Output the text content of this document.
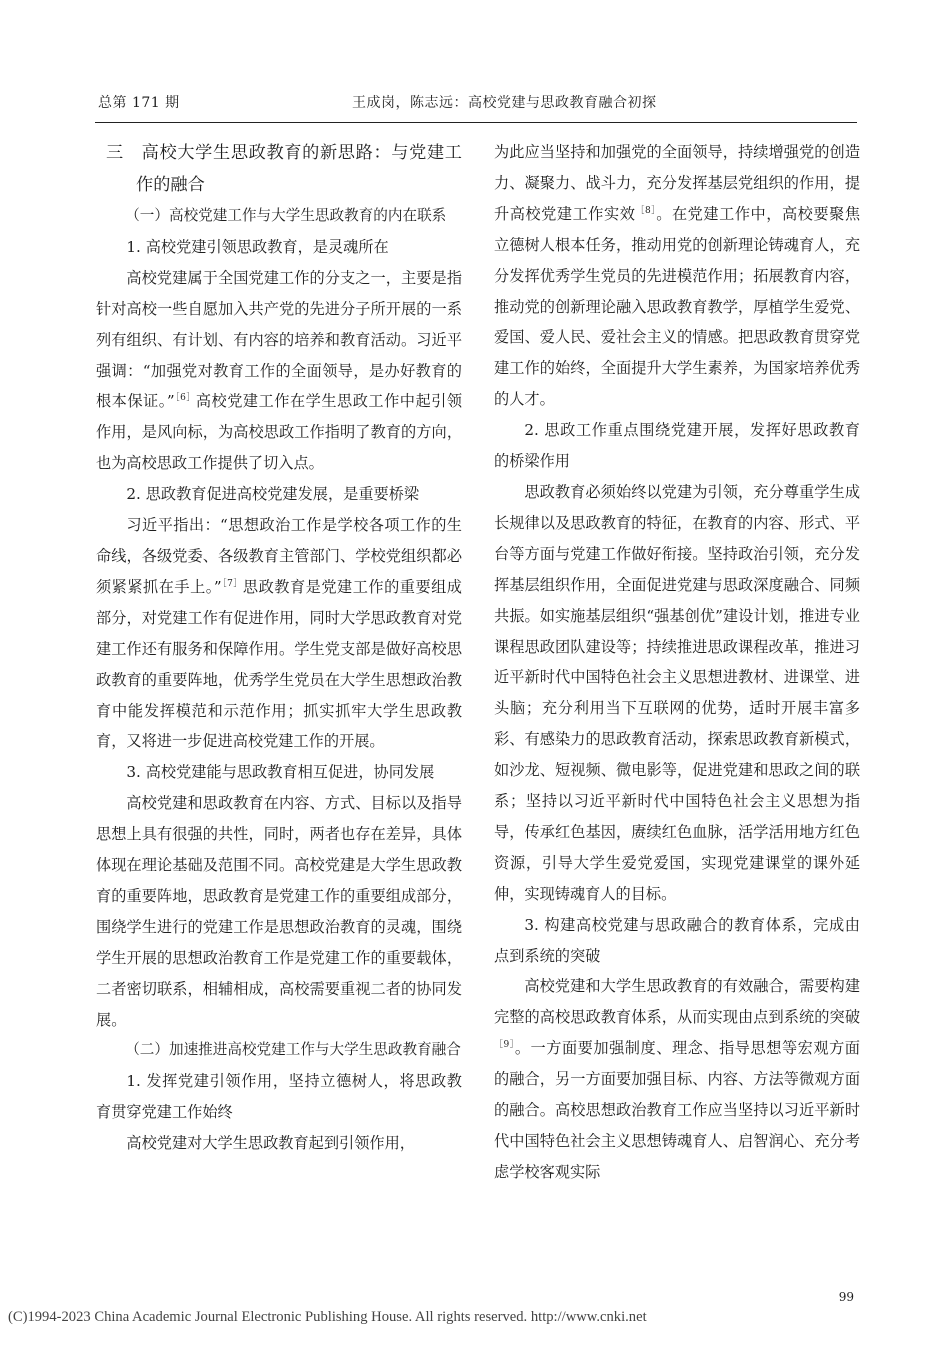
总第 171 期	王成岗，陈志远：高校党建与思政教育融合初探

三　高校大学生思政教育的新思路：与党建工作的融合

（一）高校党建工作与大学生思政教育的内在联系

1. 高校党建引领思政教育，是灵魂所在

高校党建属于全国党建工作的分支之一，主要是指针对高校一些自愿加入共产党的先进分子所开展的一系列有组织、有计划、有内容的培养和教育活动。习近平强调：“加强党对教育工作的全面领导，是办好教育的根本保证。”$^{[6]}$高校党建工作在学生思政工作中起引领作用，是风向标，为高校思政工作指明了教育的方向，也为高校思政工作提供了切入点。

2. 思政教育促进高校党建发展，是重要桥梁

习近平指出：“思想政治工作是学校各项工作的生命线，各级党委、各级教育主管部门、学校党组织都必须紧紧抓在手上。”$^{[7]}$思政教育是党建工作的重要组成部分，对党建工作有促进作用，同时大学思政教育对党建工作还有服务和保障作用。学生党支部是做好高校思政教育的重要阵地，优秀学生党员在大学生思想政治教育中能发挥模范和示范作用；抓实抓牢大学生思政教育，又将进一步促进高校党建工作的开展。

3. 高校党建能与思政教育相互促进，协同发展

高校党建和思政教育在内容、方式、目标以及指导思想上具有很强的共性，同时，两者也存在差异，具体体现在理论基础及范围不同。高校党建是大学生思政教育的重要阵地，思政教育是党建工作的重要组成部分，围绕学生进行的党建工作是思想政治教育的灵魂，围绕学生开展的思想政治教育工作是党建工作的重要载体，二者密切联系，相辅相成，高校需要重视二者的协同发展。

（二）加速推进高校党建工作与大学生思政教育融合

1. 发挥党建引领作用，坚持立德树人，将思政教育贯穿党建工作始终

高校党建对大学生思政教育起到引领作用，

为此应当坚持和加强党的全面领导，持续增强党的创造力、凝聚力、战斗力，充分发挥基层党组织的作用，提升高校党建工作实效$^{[8]}$。在党建工作中，高校要聚焦立德树人根本任务，推动用党的创新理论铸魂育人，充分发挥优秀学生党员的先进模范作用；拓展教育内容，推动党的创新理论融入思政教育教学，厚植学生爱党、爱国、爱人民、爱社会主义的情感。把思政教育贯穿党建工作的始终，全面提升大学生素养，为国家培养优秀的人才。

2. 思政工作重点围绕党建开展，发挥好思政教育的桥梁作用

思政教育必须始终以党建为引领，充分尊重学生成长规律以及思政教育的特征，在教育的内容、形式、平台等方面与党建工作做好衔接。坚持政治引领，充分发挥基层组织作用，全面促进党建与思政深度融合、同频共振。如实施基层组织“强基创优”建设计划，推进专业课程思政团队建设等；持续推进思政课程改革，推进习近平新时代中国特色社会主义思想进教材、进课堂、进头脑；充分利用当下互联网的优势，适时开展丰富多彩、有感染力的思政教育活动，探索思政教育新模式，如沙龙、短视频、微电影等，促进党建和思政之间的联系；坚持以习近平新时代中国特色社会主义思想为指导，传承红色基因，赓续红色血脉，活学活用地方红色资源，引导大学生爱党爱国，实现党建课堂的课外延伸，实现铸魂育人的目标。

3. 构建高校党建与思政融合的教育体系，完成由点到系统的突破

高校党建和大学生思政教育的有效融合，需要构建完整的高校思政教育体系，从而实现由点到系统的突破$^{[9]}$。一方面要加强制度、理念、指导思想等宏观方面的融合，另一方面要加强目标、内容、方法等微观方面的融合。高校思想政治教育工作应当坚持以习近平新时代中国特色社会主义思想铸魂育人、启智润心、充分考虑学校客观实际

99
(C)1994-2023 China Academic Journal Electronic Publishing House. All rights reserved. http://www.cnki.net
